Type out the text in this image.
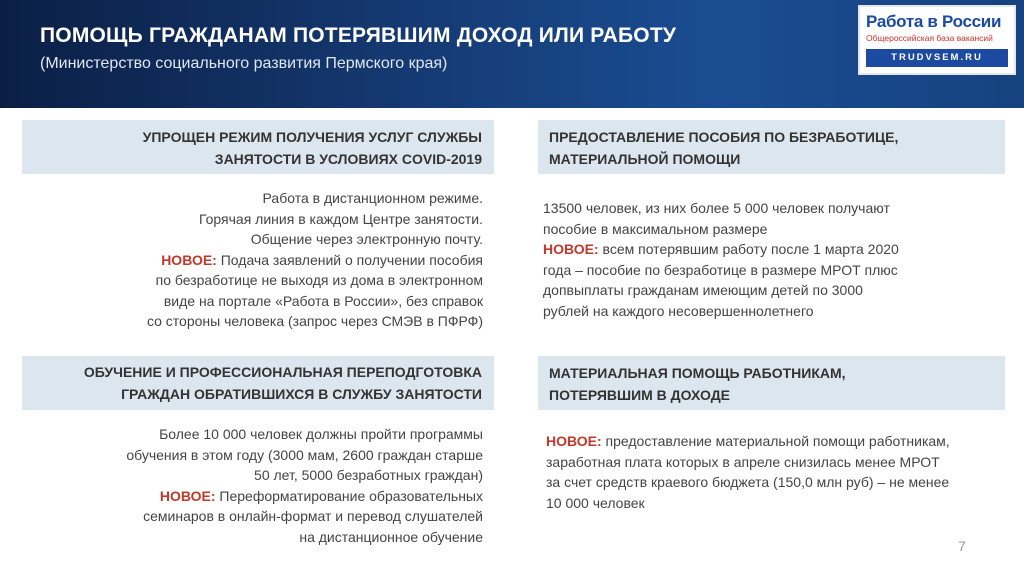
ПОМОЩЬ ГРАЖДАНАМ ПОТЕРЯВШИМ ДОХОД ИЛИ РАБОТУ
(Министерство социального развития Пермского края)
Работа в России
Общероссийская база вакансий
TRUDVSEM.RU
УПРОЩЕН РЕЖИМ ПОЛУЧЕНИЯ УСЛУГ СЛУЖБЫ
ЗАНЯТОСТИ В УСЛОВИЯХ COVID-2019
Работа в дистанционном режиме.
Горячая линия в каждом Центре занятости.
Общение через электронную почту.
НОВОЕ: Подача заявлений о получении пособия
по безработице не выходя из дома в электронном
виде на портале «Работа в России», без справок
со стороны человека (запрос через СМЭВ в ПФРФ)
ПРЕДОСТАВЛЕНИЕ ПОСОБИЯ ПО БЕЗРАБОТИЦЕ,
МАТЕРИАЛЬНОЙ ПОМОЩИ
13500 человек, из них более 5 000 человек получают
пособие в максимальном размере
НОВОЕ: всем потерявшим работу после 1 марта 2020
года – пособие по безработице в размере МРОТ плюс
допвыплаты гражданам имеющим детей по 3000
рублей на каждого несовершеннолетнего
ОБУЧЕНИЕ И ПРОФЕССИОНАЛЬНАЯ ПЕРЕПОДГОТОВКА
ГРАЖДАН ОБРАТИВШИХСЯ В СЛУЖБУ ЗАНЯТОСТИ
Более 10 000 человек должны пройти программы
обучения в этом году (3000 мам, 2600 граждан старше
50 лет, 5000 безработных граждан)
НОВОЕ: Переформатирование образовательных
семинаров в онлайн-формат и перевод слушателей
на дистанционное обучение
МАТЕРИАЛЬНАЯ ПОМОЩЬ РАБОТНИКАМ,
ПОТЕРЯВШИМ В ДОХОДЕ
НОВОЕ: предоставление материальной помощи работникам,
заработная плата которых в апреле снизилась менее МРОТ
за счет средств краевого бюджета (150,0 млн руб) – не менее
10 000 человек
7
